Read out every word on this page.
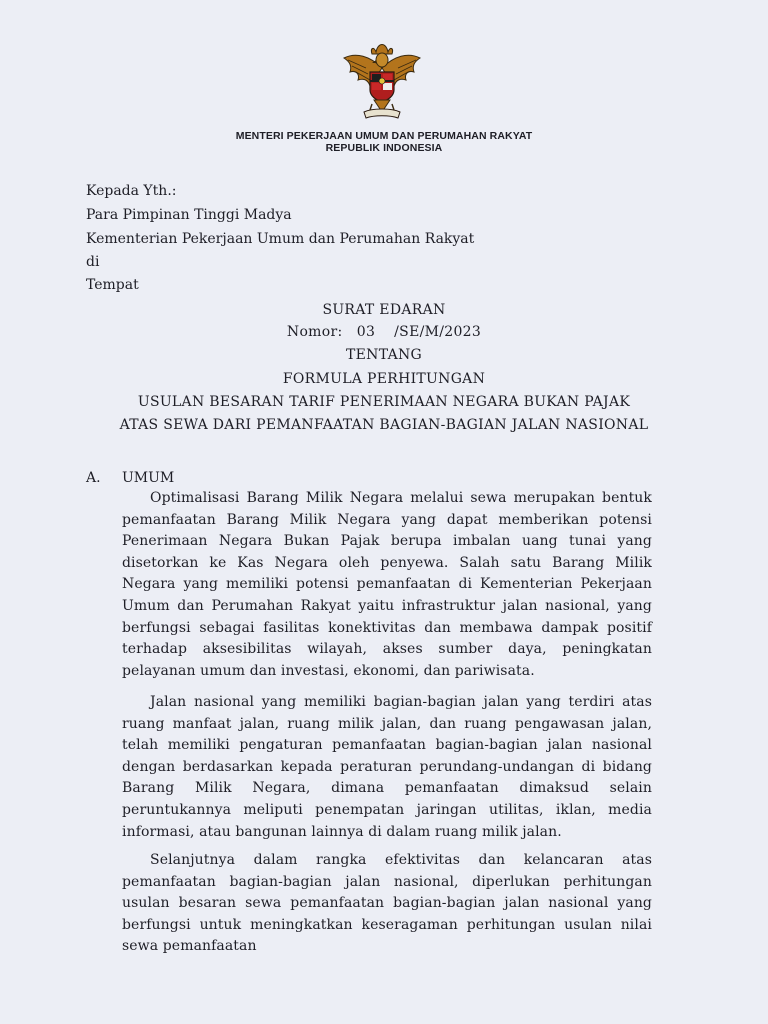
MENTERI PEKERJAAN UMUM DAN PERUMAHAN RAKYAT
REPUBLIK INDONESIA
Kepada Yth.:
Para Pimpinan Tinggi Madya
Kementerian Pekerjaan Umum dan Perumahan Rakyat
di
Tempat
SURAT EDARAN
Nomor:   03    /SE/M/2023
TENTANG
FORMULA PERHITUNGAN
USULAN BESARAN TARIF PENERIMAAN NEGARA BUKAN PAJAK
ATAS SEWA DARI PEMANFAATAN BAGIAN-BAGIAN JALAN NASIONAL
A. UMUM
Optimalisasi Barang Milik Negara melalui sewa merupakan bentuk pemanfaatan Barang Milik Negara yang dapat memberikan potensi Penerimaan Negara Bukan Pajak berupa imbalan uang tunai yang disetorkan ke Kas Negara oleh penyewa. Salah satu Barang Milik Negara yang memiliki potensi pemanfaatan di Kementerian Pekerjaan Umum dan Perumahan Rakyat yaitu infrastruktur jalan nasional, yang berfungsi sebagai fasilitas konektivitas dan membawa dampak positif terhadap aksesibilitas wilayah, akses sumber daya, peningkatan pelayanan umum dan investasi, ekonomi, dan pariwisata.
Jalan nasional yang memiliki bagian-bagian jalan yang terdiri atas ruang manfaat jalan, ruang milik jalan, dan ruang pengawasan jalan, telah memiliki pengaturan pemanfaatan bagian-bagian jalan nasional dengan berdasarkan kepada peraturan perundang-undangan di bidang Barang Milik Negara, dimana pemanfaatan dimaksud selain peruntukannya meliputi penempatan jaringan utilitas, iklan, media informasi, atau bangunan lainnya di dalam ruang milik jalan.
Selanjutnya dalam rangka efektivitas dan kelancaran atas pemanfaatan bagian-bagian jalan nasional, diperlukan perhitungan usulan besaran sewa pemanfaatan bagian-bagian jalan nasional yang berfungsi untuk meningkatkan keseragaman perhitungan usulan nilai sewa pemanfaatan
